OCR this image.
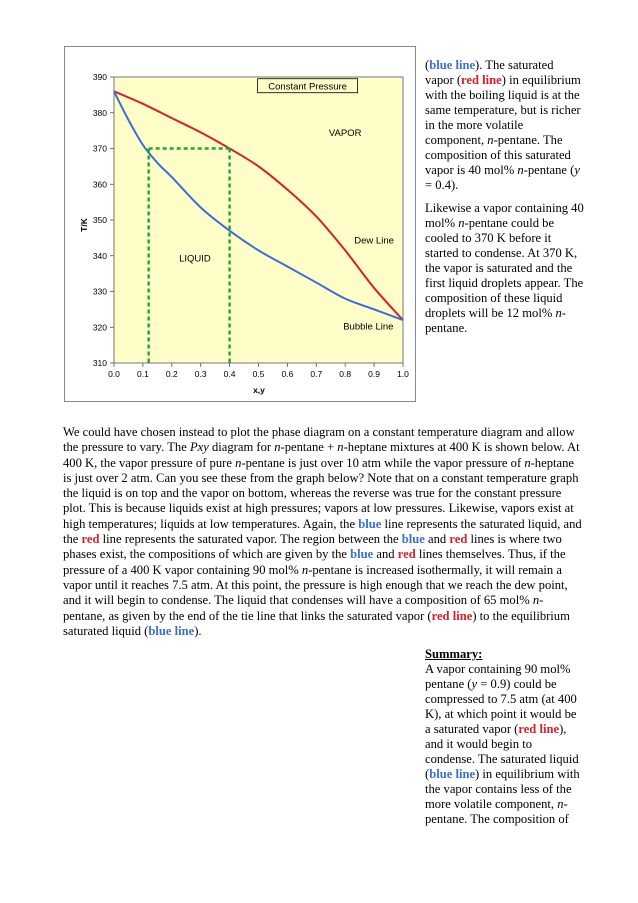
390
380
370
360
350
340
330
320
310
0.0 0.1 0.2 0.3 0.4 0.5 0.6 0.7 0.8 0.9 1.0
Constant Pressure
VAPOR
LIQUID
Dew Line
Bubble Line
T/K
x,y

(blue line). The saturated vapor (red line) in equilibrium with the boiling liquid is at the same temperature, but is richer in the more volatile component, n-pentane. The composition of this saturated vapor is 40 mol% n-pentane (y = 0.4).

Likewise a vapor containing 40 mol% n-pentane could be cooled to 370 K before it started to condense. At 370 K, the vapor is saturated and the first liquid droplets appear. The composition of these liquid droplets will be 12 mol% n-pentane.

We could have chosen instead to plot the phase diagram on a constant temperature diagram and allow the pressure to vary. The Pxy diagram for n-pentane + n-heptane mixtures at 400 K is shown below. At 400 K, the vapor pressure of pure n-pentane is just over 10 atm while the vapor pressure of n-heptane is just over 2 atm. Can you see these from the graph below? Note that on a constant temperature graph the liquid is on top and the vapor on bottom, whereas the reverse was true for the constant pressure plot. This is because liquids exist at high pressures; vapors at low pressures. Likewise, vapors exist at high temperatures; liquids at low temperatures. Again, the blue line represents the saturated liquid, and the red line represents the saturated vapor. The region between the blue and red lines is where two phases exist, the compositions of which are given by the blue and red lines themselves. Thus, if the pressure of a 400 K vapor containing 90 mol% n-pentane is increased isothermally, it will remain a vapor until it reaches 7.5 atm. At this point, the pressure is high enough that we reach the dew point, and it will begin to condense. The liquid that condenses will have a composition of 65 mol% n-pentane, as given by the end of the tie line that links the saturated vapor (red line) to the equilibrium saturated liquid (blue line).

Summary:
A vapor containing 90 mol% pentane (y = 0.9) could be compressed to 7.5 atm (at 400 K), at which point it would be a saturated vapor (red line), and it would begin to condense. The saturated liquid (blue line) in equilibrium with the vapor contains less of the more volatile component, n-pentane. The composition of
